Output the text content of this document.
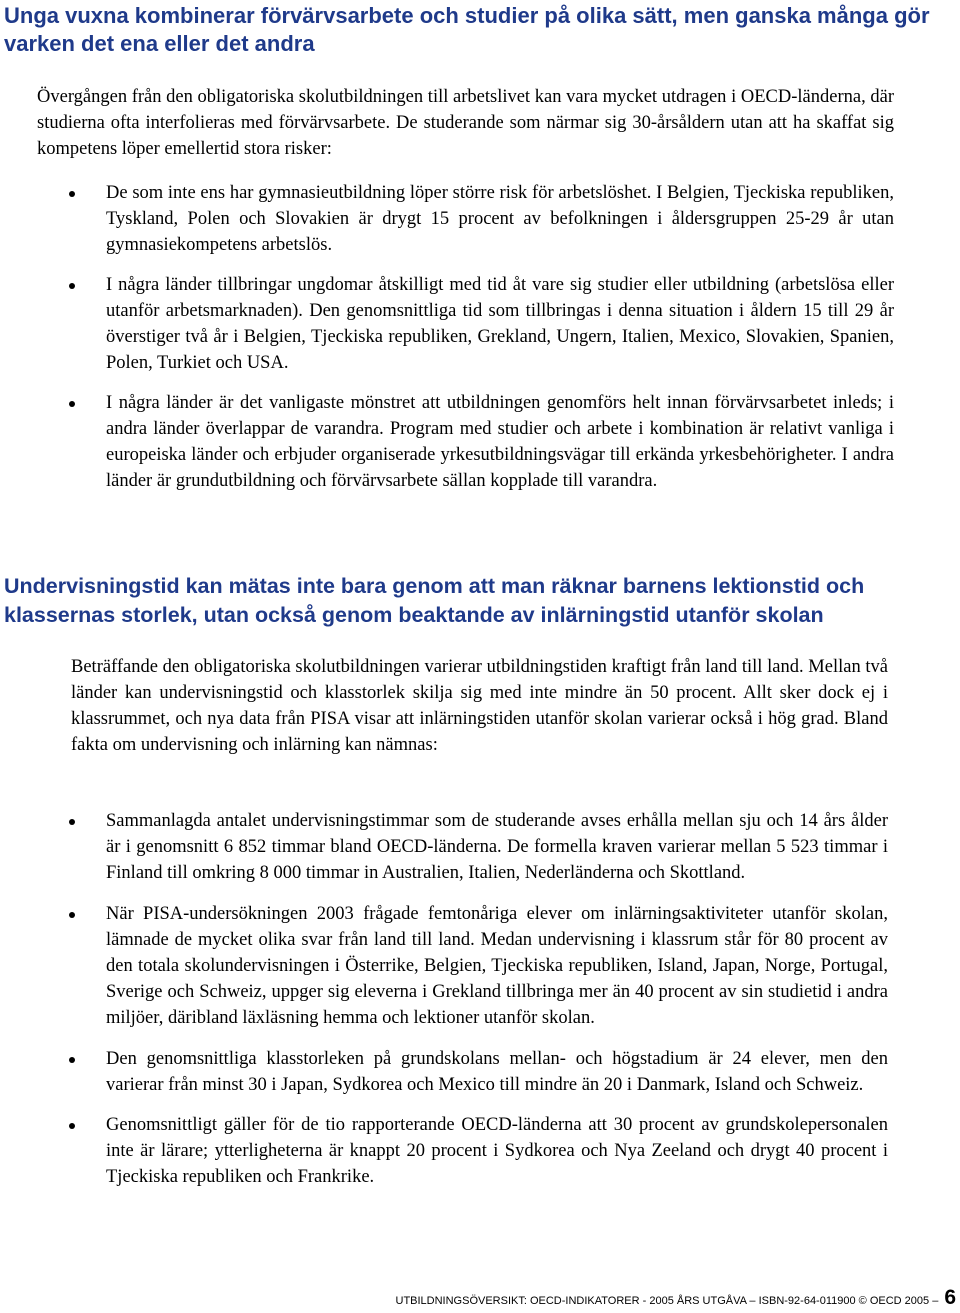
Unga vuxna kombinerar förvärvsarbete och studier på olika sätt, men ganska många gör varken det ena eller det andra

Övergången från den obligatoriska skolutbildningen till arbetslivet kan vara mycket utdragen i OECD-länderna, där studierna ofta interfolieras med förvärvsarbete. De studerande som närmar sig 30-årsåldern utan att ha skaffat sig kompetens löper emellertid stora risker:

De som inte ens har gymnasieutbildning löper större risk för arbetslöshet. I Belgien, Tjeckiska republiken, Tyskland, Polen och Slovakien är drygt 15 procent av befolkningen i åldersgruppen 25-29 år utan gymnasiekompetens arbetslös.
I några länder tillbringar ungdomar åtskilligt med tid åt vare sig studier eller utbildning (arbetslösa eller utanför arbetsmarknaden). Den genomsnittliga tid som tillbringas i denna situation i åldern 15 till 29 år överstiger två år i Belgien, Tjeckiska republiken, Grekland, Ungern, Italien, Mexico, Slovakien, Spanien, Polen, Turkiet och USA.
I några länder är det vanligaste mönstret att utbildningen genomförs helt innan förvärvsarbetet inleds; i andra länder överlappar de varandra. Program med studier och arbete i kombination är relativt vanliga i europeiska länder och erbjuder organiserade yrkesutbildningsvägar till erkända yrkesbehörigheter. I andra länder är grundutbildning och förvärvsarbete sällan kopplade till varandra.
Undervisningstid kan mätas inte bara genom att man räknar barnens lektionstid och klassernas storlek, utan också genom beaktande av inlärningstid utanför skolan

Beträffande den obligatoriska skolutbildningen varierar utbildningstiden kraftigt från land till land. Mellan två länder kan undervisningstid och klasstorlek skilja sig med inte mindre än 50 procent. Allt sker dock ej i klassrummet, och nya data från PISA visar att inlärningstiden utanför skolan varierar också i hög grad. Bland fakta om undervisning och inlärning kan nämnas:

Sammanlagda antalet undervisningstimmar som de studerande avses erhålla mellan sju och 14 års ålder är i genomsnitt 6 852 timmar bland OECD-länderna. De formella kraven varierar mellan 5 523 timmar i Finland till omkring 8 000 timmar in Australien, Italien, Nederländerna och Skottland.
När PISA-undersökningen 2003 frågade femtonåriga elever om inlärningsaktiviteter utanför skolan, lämnade de mycket olika svar från land till land. Medan undervisning i klassrum står för 80 procent av den totala skolundervisningen i Österrike, Belgien, Tjeckiska republiken, Island, Japan, Norge, Portugal, Sverige och Schweiz, uppger sig eleverna i Grekland tillbringa mer än 40 procent av sin studietid i andra miljöer, däribland läxläsning hemma och lektioner utanför skolan.
Den genomsnittliga klasstorleken på grundskolans mellan- och högstadium är 24 elever, men den varierar från minst 30 i Japan, Sydkorea och Mexico till mindre än 20 i Danmark, Island och Schweiz.
Genomsnittligt gäller för de tio rapporterande OECD-länderna att 30 procent av grundskolepersonalen inte är lärare; ytterligheterna är knappt 20 procent i Sydkorea och Nya Zeeland och drygt 40 procent i Tjeckiska republiken och Frankrike.
UTBILDNINGSÖVERSIKT: OECD-INDIKATORER - 2005 ÅRS UTGÅVA – ISBN-92-64-011900 © OECD 2005 – 6
